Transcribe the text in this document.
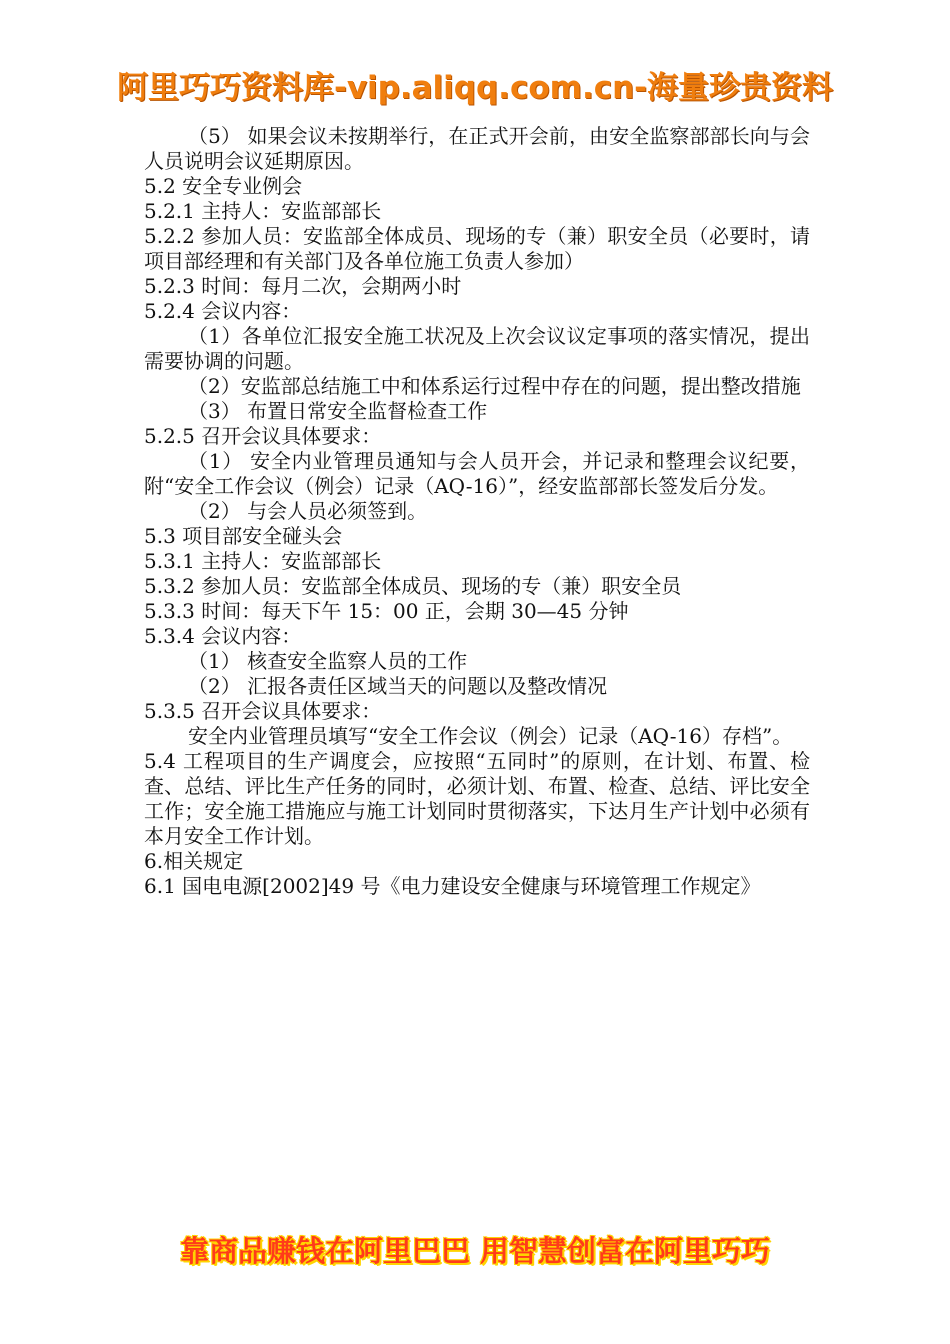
阿里巧巧资料库-vip.aliqq.com.cn-海量珍贵资料

（5） 如果会议未按期举行，在正式开会前，由安全监察部部长向与会人员说明会议延期原因。

5.2 安全专业例会

5.2.1 主持人：安监部部长

5.2.2 参加人员：安监部全体成员、现场的专（兼）职安全员（必要时，请项目部经理和有关部门及各单位施工负责人参加）

5.2.3 时间：每月二次，会期两小时

5.2.4 会议内容：

（1）各单位汇报安全施工状况及上次会议议定事项的落实情况，提出需要协调的问题。

（2）安监部总结施工中和体系运行过程中存在的问题，提出整改措施

（3） 布置日常安全监督检查工作

5.2.5 召开会议具体要求：

（1） 安全内业管理员通知与会人员开会，并记录和整理会议纪要，附“安全工作会议（例会）记录（AQ-16）”，经安监部部长签发后分发。

（2） 与会人员必须签到。

5.3 项目部安全碰头会

5.3.1 主持人：安监部部长

5.3.2 参加人员：安监部全体成员、现场的专（兼）职安全员

5.3.3 时间：每天下午 15：00 正，会期 30—45 分钟

5.3.4 会议内容：

（1） 核查安全监察人员的工作

（2） 汇报各责任区域当天的问题以及整改情况

5.3.5 召开会议具体要求：

安全内业管理员填写“安全工作会议（例会）记录（AQ-16）存档”。

5.4 工程项目的生产调度会，应按照“五同时”的原则，在计划、布置、检查、总结、评比生产任务的同时，必须计划、布置、检查、总结、评比安全工作；安全施工措施应与施工计划同时贯彻落实，下达月生产计划中必须有本月安全工作计划。

6.相关规定

6.1 国电电源[2002]49 号《电力建设安全健康与环境管理工作规定》

靠商品赚钱在阿里巴巴 用智慧创富在阿里巧巧
